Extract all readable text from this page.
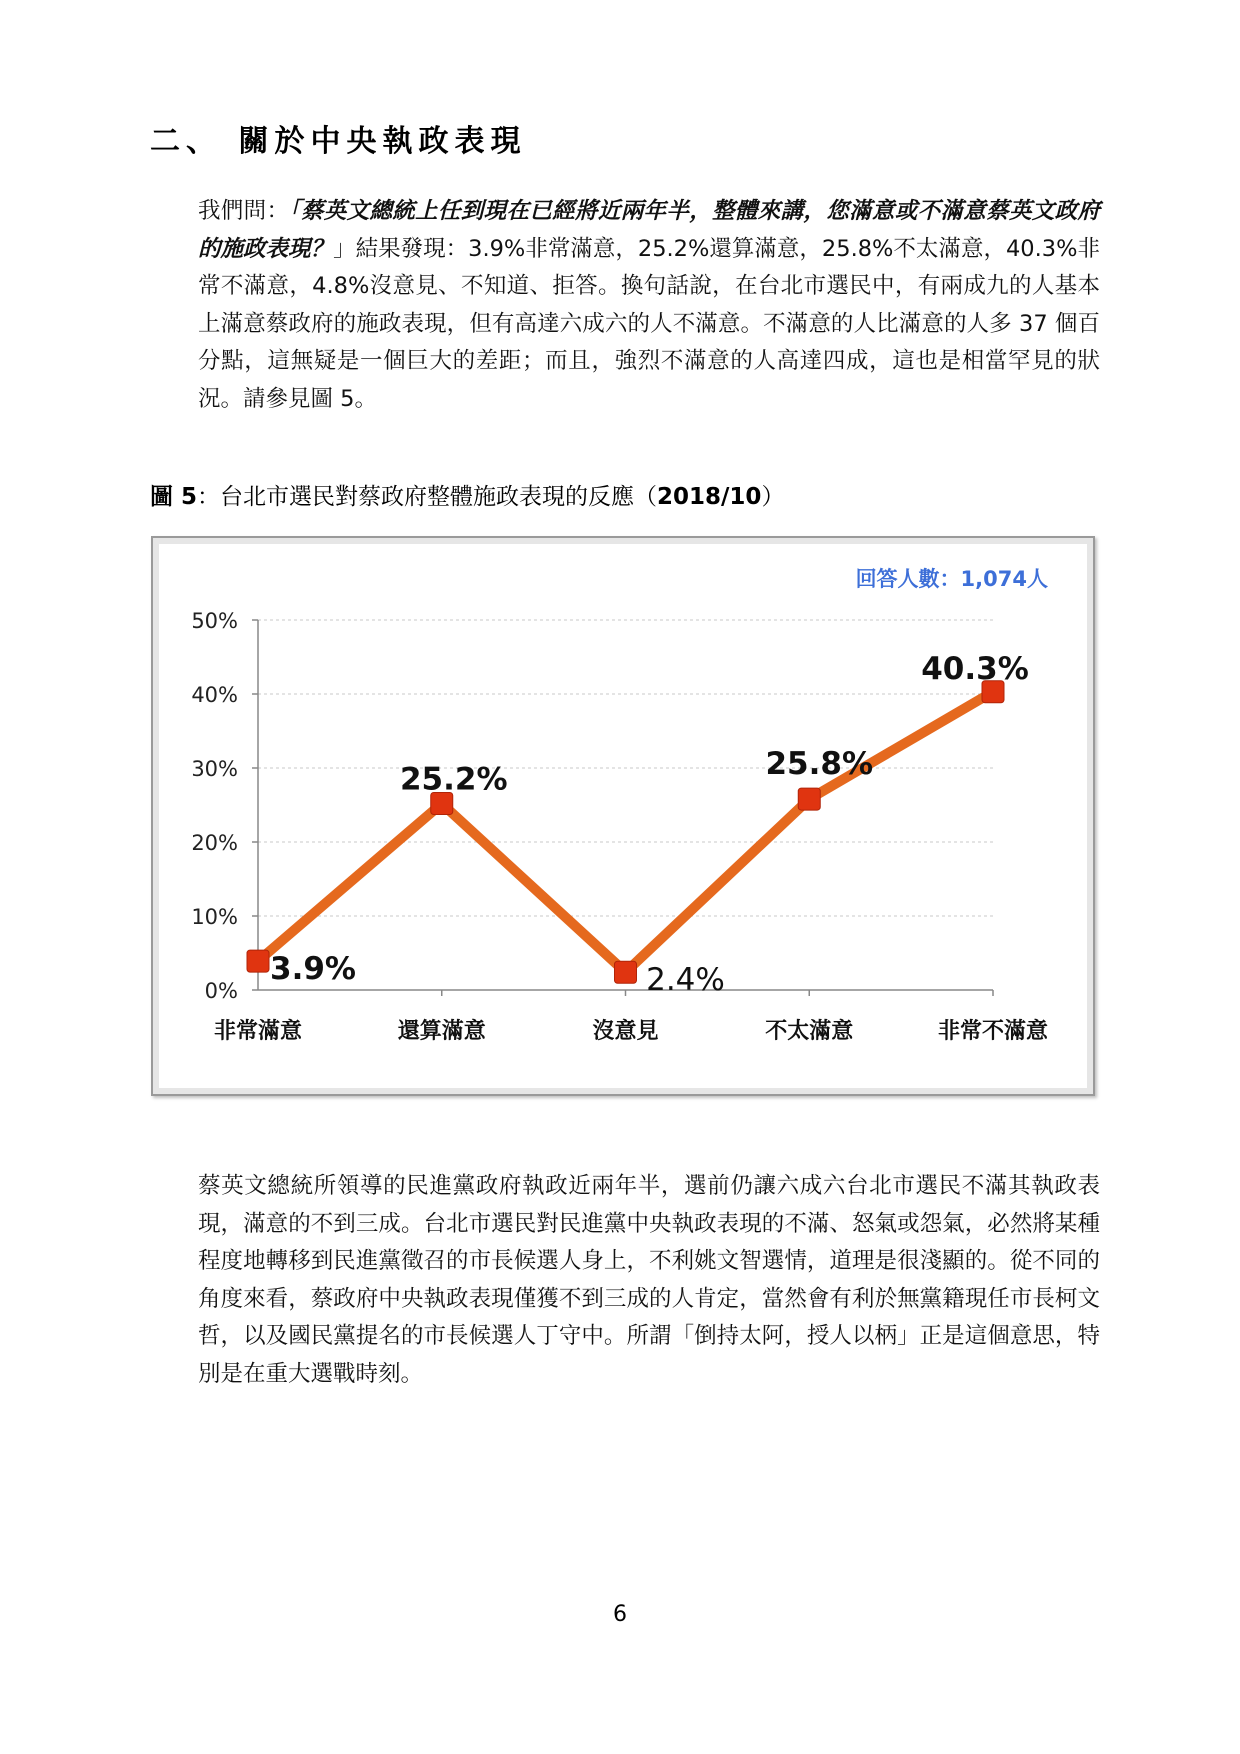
二、 關於中央執政表現

我們問：「蔡英文總統上任到現在已經將近兩年半，整體來講，您滿意或不滿意蔡英文政府的施政表現？」結果發現：3.9%非常滿意，25.2%還算滿意，25.8%不太滿意，40.3%非常不滿意，4.8%沒意見、不知道、拒答。換句話說，在台北市選民中，有兩成九的人基本上滿意蔡政府的施政表現，但有高達六成六的人不滿意。不滿意的人比滿意的人多 37 個百分點，這無疑是一個巨大的差距；而且，強烈不滿意的人高達四成，這也是相當罕見的狀況。請參見圖 5。

圖 5：台北市選民對蔡政府整體施政表現的反應（2018/10）
0%
10%
20%
30%
40%
50%
非常滿意	還算滿意	沒意見	不太滿意	非常不滿意
3.9%
25.2%
2.4%
25.8%
40.3%
回答人數：1,074人

蔡英文總統所領導的民進黨政府執政近兩年半，選前仍讓六成六台北市選民不滿其執政表現，滿意的不到三成。台北市選民對民進黨中央執政表現的不滿、怒氣或怨氣，必然將某種程度地轉移到民進黨徵召的市長候選人身上，不利姚文智選情，道理是很淺顯的。從不同的角度來看，蔡政府中央執政表現僅獲不到三成的人肯定，當然會有利於無黨籍現任市長柯文哲，以及國民黨提名的市長候選人丁守中。所謂「倒持太阿，授人以柄」正是這個意思，特別是在重大選戰時刻。

6
